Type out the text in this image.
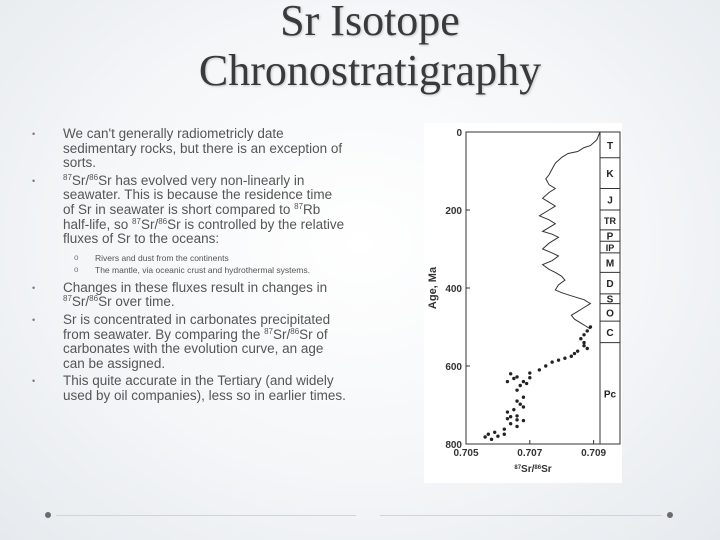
Sr Isotope
Chronostratigraphy
• We can't generally radiometricly date sedimentary rocks, but there is an exception of sorts.
•	$^{87}$Sr/$^{86}$Sr has evolved very non-linearly in seawater. This is because the residence time of Sr in seawater is short compared to $^{87}$Rb half-life, so $^{87}$Sr/$^{86}$Sr is controlled by the relative fluxes of Sr to the oceans:
o Rivers and dust from the continents
o The mantle, via oceanic crust and hydrothermal systems.
• Changes in these fluxes result in changes in $^{87}$Sr/$^{86}$Sr over time.
• Sr is concentrated in carbonates precipitated from seawater. By comparing the $^{87}$Sr/$^{86}$Sr of carbonates with the evolution curve, an age can be assigned.
• This quite accurate in the Tertiary (and widely used by oil companies), less so in earlier times.
0
200
400
600
800
0.705	0.707	0.709
Age, Ma
$^{87}$Sr/$^{86}$Sr
T
K
J
TR
P
IP
M
D
S
O
C
Pc
